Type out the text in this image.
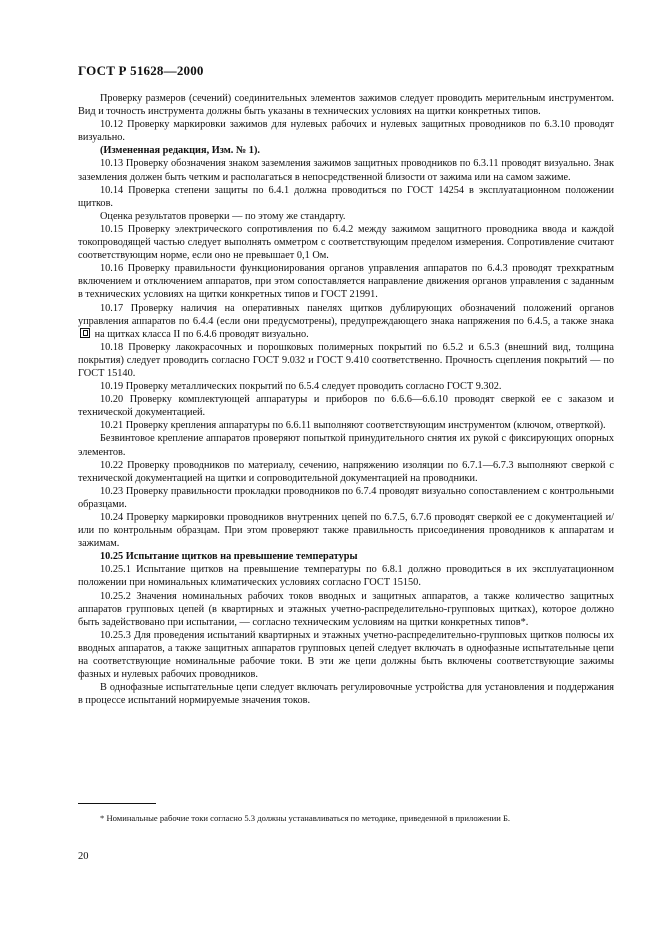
ГОСТ Р 51628—2000

Проверку размеров (сечений) соединительных элементов зажимов следует проводить мерительным инструментом. Вид и точность инструмента должны быть указаны в технических условиях на щитки конкретных типов.

10.12 Проверку маркировки зажимов для нулевых рабочих и нулевых защитных проводников по 6.3.10 проводят визуально.

(Измененная редакция, Изм. № 1).

10.13 Проверку обозначения знаком заземления зажимов защитных проводников по 6.3.11 проводят визуально. Знак заземления должен быть четким и располагаться в непосредственной близости от зажима или на самом зажиме.

10.14 Проверка степени защиты по 6.4.1 должна проводиться по ГОСТ 14254 в эксплуатационном положении щитков.

Оценка результатов проверки — по этому же стандарту.

10.15 Проверку электрического сопротивления по 6.4.2 между зажимом защитного проводника ввода и каждой токопроводящей частью следует выполнять омметром с соответствующим пределом измерения. Сопротивление считают соответствующим норме, если оно не превышает 0,1 Ом.

10.16 Проверку правильности функционирования органов управления аппаратов по 6.4.3 проводят трехкратным включением и отключением аппаратов, при этом сопоставляется направление движения органов управления с заданным в технических условиях на щитки конкретных типов и ГОСТ 21991.

10.17 Проверку наличия на оперативных панелях щитков дублирующих обозначений положений органов управления аппаратов по 6.4.4 (если они предусмотрены), предупреждающего знака напряжения по 6.4.5, а также знака  на щитках класса II по 6.4.6 проводят визуально.

10.18 Проверку лакокрасочных и порошковых полимерных покрытий по 6.5.2 и 6.5.3 (внешний вид, толщина покрытия) следует проводить согласно ГОСТ 9.032 и ГОСТ 9.410 соответственно. Прочность сцепления покрытий — по ГОСТ 15140.

10.19 Проверку металлических покрытий по 6.5.4 следует проводить согласно ГОСТ 9.302.

10.20 Проверку комплектующей аппаратуры и приборов по 6.6.6—6.6.10 проводят сверкой ее с заказом и технической документацией.

10.21 Проверку крепления аппаратуры по 6.6.11 выполняют соответствующим инструментом (ключом, отверткой).

Безвинтовое крепление аппаратов проверяют попыткой принудительного снятия их рукой с фиксирующих опорных элементов.

10.22 Проверку проводников по материалу, сечению, напряжению изоляции по 6.7.1—6.7.3 выполняют сверкой с технической документацией на щитки и сопроводительной документацией на проводники.

10.23 Проверку правильности прокладки проводников по 6.7.4 проводят визуально сопоставлением с контрольными образцами.

10.24 Проверку маркировки проводников внутренних цепей по 6.7.5, 6.7.6 проводят сверкой ее с документацией и/или по контрольным образцам. При этом проверяют также правильность присоединения проводников к аппаратам и зажимам.

10.25 Испытание щитков на превышение температуры

10.25.1 Испытание щитков на превышение температуры по 6.8.1 должно проводиться в их эксплуатационном положении при номинальных климатических условиях согласно ГОСТ 15150.

10.25.2 Значения номинальных рабочих токов вводных и защитных аппаратов, а также количество защитных аппаратов групповых цепей (в квартирных и этажных учетно-распределительно-групповых щитках), которое должно быть задействовано при испытании, — согласно техническим условиям на щитки конкретных типов*.

10.25.3 Для проведения испытаний квартирных и этажных учетно-распределительно-групповых щитков полюсы их вводных аппаратов, а также защитных аппаратов групповых цепей следует включать в однофазные испытательные цепи на соответствующие номинальные рабочие токи. В эти же цепи должны быть включены соответствующие зажимы фазных и нулевых рабочих проводников.

В однофазные испытательные цепи следует включать регулировочные устройства для установления и поддержания в процессе испытаний нормируемые значения токов.

* Номинальные рабочие токи согласно 5.3 должны устанавливаться по методике, приведенной в приложении Б.
20
